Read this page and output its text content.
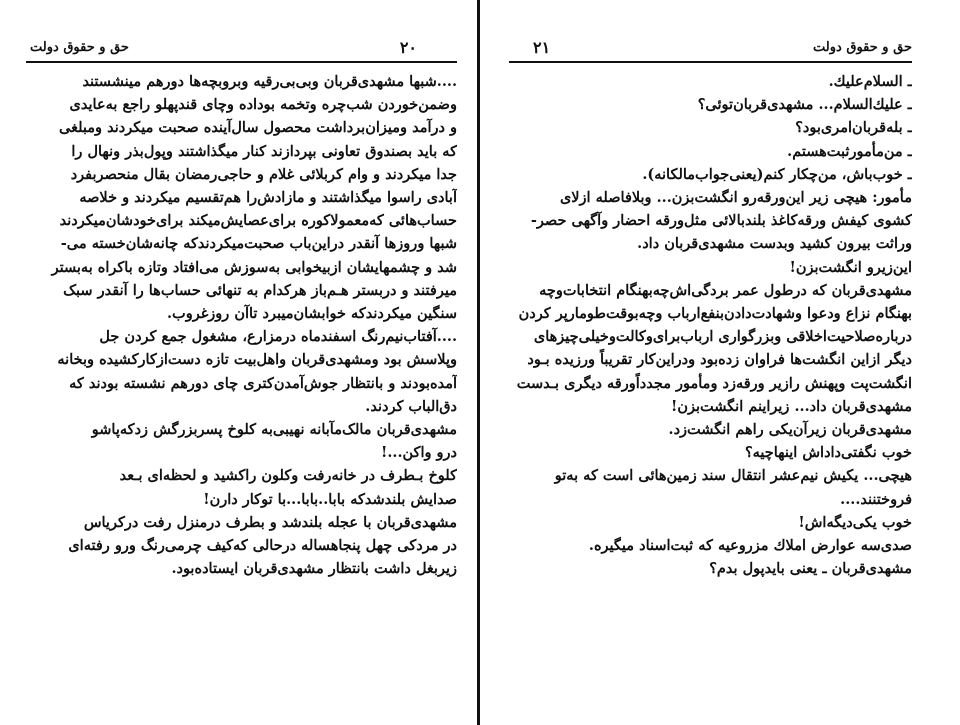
حق و حقوق دولت	٢٠
....شبها مشهدی‌قربان وبی‌بی‌رقیه وبروبچه‌ها دورهم مینشستند
وضمن‌خوردن شب‌چره وتخمه بوداده وچای قندپهلو راجع به‌عایدی
و درآمد ومیزان‌برداشت محصول سال‌آینده صحبت میکردند ومبلغی
که باید بصندوق تعاونی بپردازند کنار میگذاشتند وپول‌بذر ونهال را
جدا میکردند و وام کربلائی غلام و حاجی‌رمضان بقال منحصربفرد
آبادی راسوا میگذاشتند و مازادش‌را هم‌تقسیم میکردند و خلاصه
حساب‌هائی که‌معمولاکوره برای‌عصایش‌میکند برای‌خودشان‌میکردند
شبها وروزها آنقدر دراین‌باب صحبت‌میکردندکه چانه‌شان‌خسته می-
شد و چشمهایشان ازبیخوابی به‌سوزش می‌افتاد وتازه باکراه به‌بستر
میرفتند و دربستر هـم‌باز هرکدام به تنهائی حساب‌ها را آنقدر سبک
سنگین میکردندکه خوابشان‌میبرد تاآن روزغروب.
....آفتاب‌نیم‌رنگ اسفندماه درمزارع، مشغول جمع کردن جل
وپلاسش بود ومشهدی‌قربان واهل‌بیت تازه دست‌ازکار‌کشیده وبخانه
آمده‌بودند و بانتظار جوش‌آمدن‌کتری چای دورهم نشسته بودند که
دق‌الباب کردند.
مشهدی‌قربان مالک‌مآبانه نهیبی‌به کلوخ پسربزرگش زدکه‌پاشو
درو واکن...!
کلوخ بـطرف در خانه‌رفت وکلون راکشید و لحظه‌ای بـعد
صدایش بلندشدکه بابا..بابا...با توکار دارن!
مشهدی‌قربان با عجله بلندشد و بطرف درمنزل رفت درکریاس
در مردکی چهل پنجاهساله درحالی که‌کیف چرمی‌رنگ ورو رفته‌ای
زیربغل داشت بانتظار مشهدی‌قربان ایستاده‌بود.
حق و حقوق دولت
٢١
ـ السلام‌علیك.
ـ علیك‌السلام... مشهدی‌قربان‌توئی؟
ـ بله‌قربان‌امری‌بود؟
ـ من‌مأمورثبت‌هستم.
ـ خوب‌باش، من‌چکار کنم(یعنی‌جواب‌مالکانه).
مأمور: هیچی زیر این‌ورقه‌رو انگشت‌بزن... وبلافاصله ازلای
کشوی کیفش ورقه‌کاغذ بلندبالائی مثل‌ورقه احضار وآگهی حصر-
وراثت بیرون کشید وبدست مشهدی‌قربان داد.
این‌زیرو انگشت‌بزن!
مشهدی‌قربان که درطول عمر بردگی‌اش‌چه‌بهنگام انتخابات‌وچه
بهنگام نزاع ودعوا وشهادت‌دادن‌بنفع‌ارباب وچه‌بوقت‌طومارپر کردن
درباره‌صلاحیت‌اخلاقی وبزرگواری ارباب‌برای‌وکالت‌وخیلی‌چیزهای
دیگر ازاین انگشت‌ها فراوان زده‌بود ودراین‌کار تقریباً ورزیده بـود
انگشت‌پت وپهنش رازیر ورقه‌زد ومأمور مجدداًورقه دیگری بـدست
مشهدی‌قربان داد... زیراینم انگشت‌بزن!
مشهدی‌قربان زیرآن‌یکی راهم انگشت‌زد.
خوب نگفتی‌داداش اینهاچیه؟
هیچی... یکیش نیم‌عشر انتقال سند زمین‌هائی است که به‌تو
فروختنند....
خوب یکی‌دیگه‌اش!
صدی‌سه عوارض املاك مزروعیه که ثبت‌اسناد میگیره.
مشهدی‌قربان ـ یعنی بایدپول بدم؟
